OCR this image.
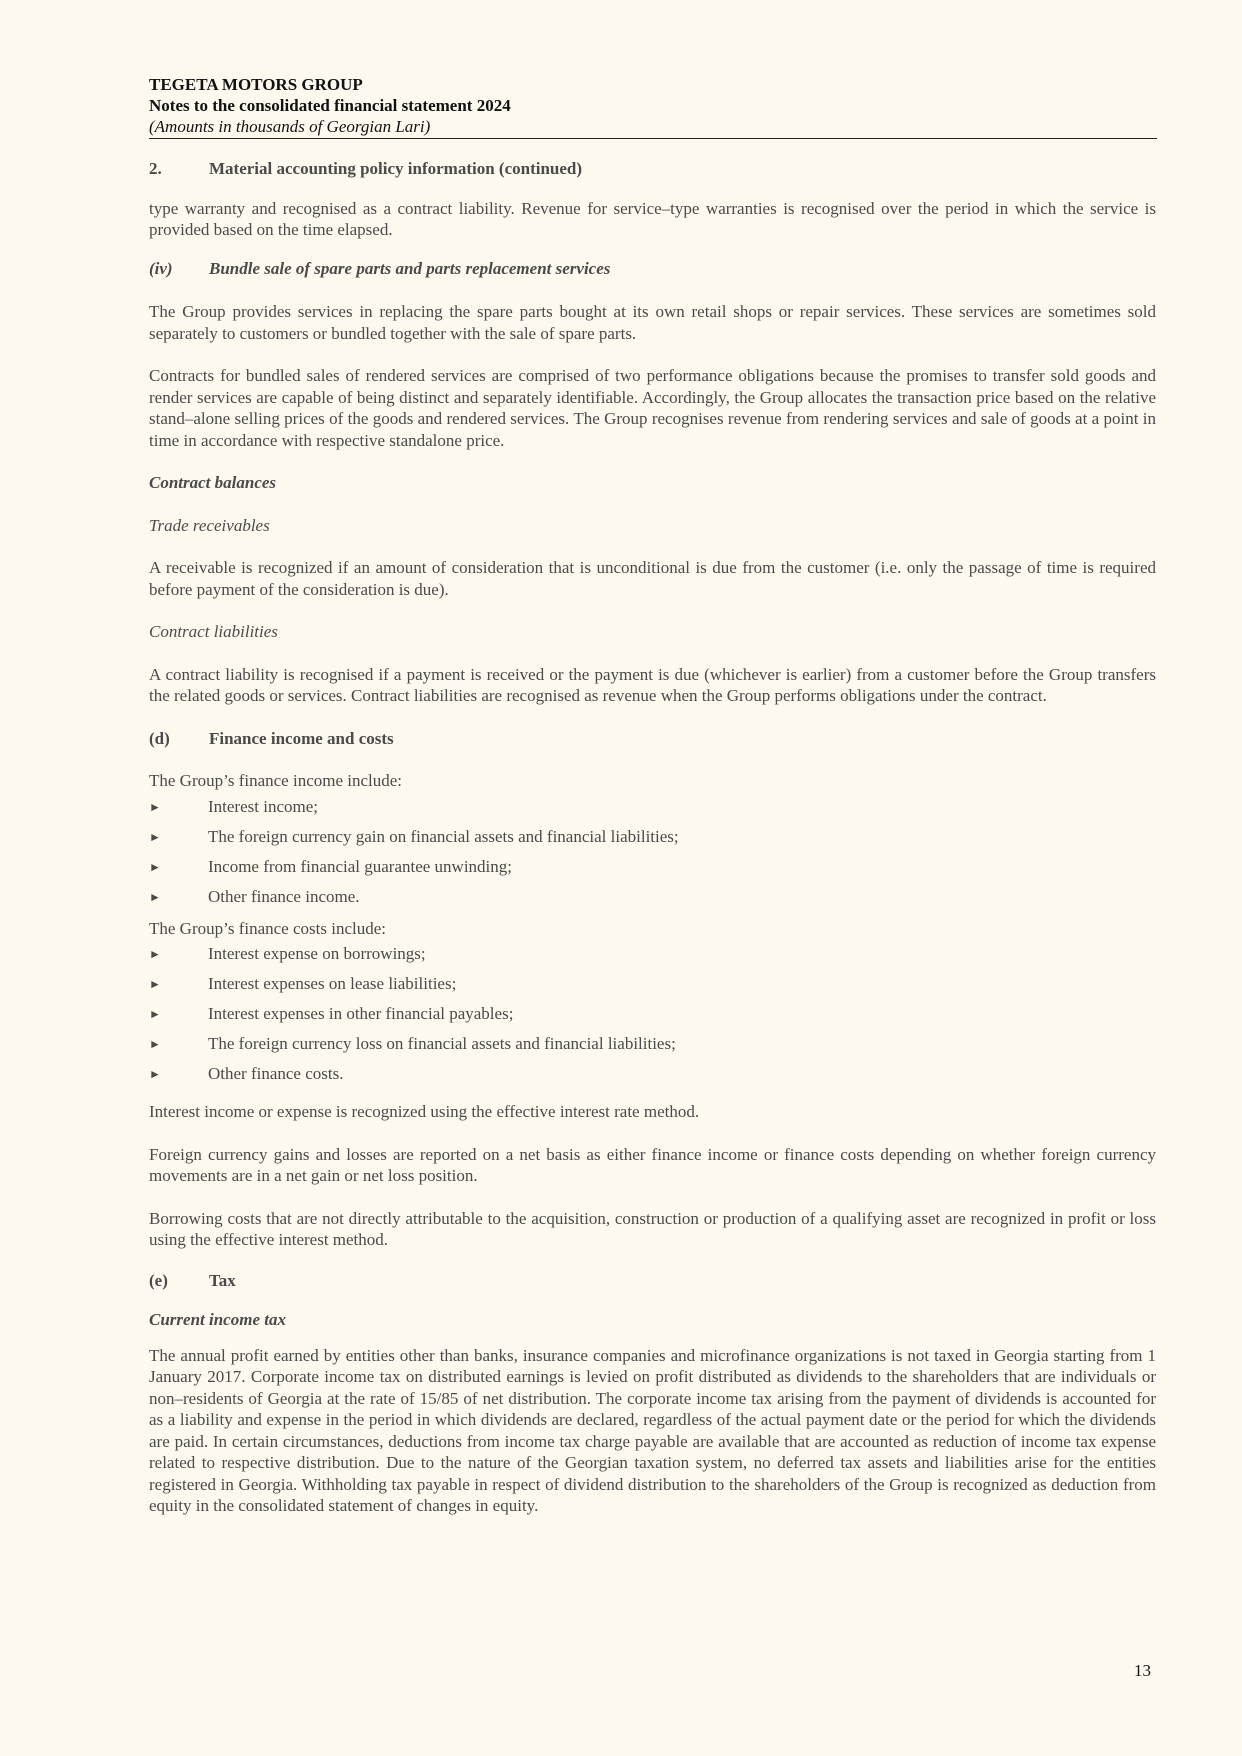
TEGETA MOTORS GROUP
Notes to the consolidated financial statement 2024
(Amounts in thousands of Georgian Lari)
2.	Material accounting policy information (continued)

type warranty and recognised as a contract liability. Revenue for service–type warranties is recognised over the period in which the service is provided based on the time elapsed.

(iv)	Bundle sale of spare parts and parts replacement services

The Group provides services in replacing the spare parts bought at its own retail shops or repair services. These services are sometimes sold separately to customers or bundled together with the sale of spare parts.

Contracts for bundled sales of rendered services are comprised of two performance obligations because the promises to transfer sold goods and render services are capable of being distinct and separately identifiable. Accordingly, the Group allocates the transaction price based on the relative stand–alone selling prices of the goods and rendered services. The Group recognises revenue from rendering services and sale of goods at a point in time in accordance with respective standalone price.

Contract balances
Trade receivables

A receivable is recognized if an amount of consideration that is unconditional is due from the customer (i.e. only the passage of time is required before payment of the consideration is due).

Contract liabilities

A contract liability is recognised if a payment is received or the payment is due (whichever is earlier) from a customer before the Group transfers the related goods or services. Contract liabilities are recognised as revenue when the Group performs obligations under the contract.

(d)	Finance income and costs

The Group’s finance income include:

►	Interest income;
►	The foreign currency gain on financial assets and financial liabilities;
►	Income from financial guarantee unwinding;
►	Other finance income.

The Group’s finance costs include:

►	Interest expense on borrowings;
►	Interest expenses on lease liabilities;
►	Interest expenses in other financial payables;
►	The foreign currency loss on financial assets and financial liabilities;
►	Other finance costs.

Interest income or expense is recognized using the effective interest rate method.

Foreign currency gains and losses are reported on a net basis as either finance income or finance costs depending on whether foreign currency movements are in a net gain or net loss position.

Borrowing costs that are not directly attributable to the acquisition, construction or production of a qualifying asset are recognized in profit or loss using the effective interest method.

(e)	Tax
Current income tax

The annual profit earned by entities other than banks, insurance companies and microfinance organizations is not taxed in Georgia starting from 1 January 2017. Corporate income tax on distributed earnings is levied on profit distributed as dividends to the shareholders that are individuals or non–residents of Georgia at the rate of 15/85 of net distribution. The corporate income tax arising from the payment of dividends is accounted for as a liability and expense in the period in which dividends are declared, regardless of the actual payment date or the period for which the dividends are paid. In certain circumstances, deductions from income tax charge payable are available that are accounted as reduction of income tax expense related to respective distribution. Due to the nature of the Georgian taxation system, no deferred tax assets and liabilities arise for the entities registered in Georgia. Withholding tax payable in respect of dividend distribution to the shareholders of the Group is recognized as deduction from equity in the consolidated statement of changes in equity.

13
